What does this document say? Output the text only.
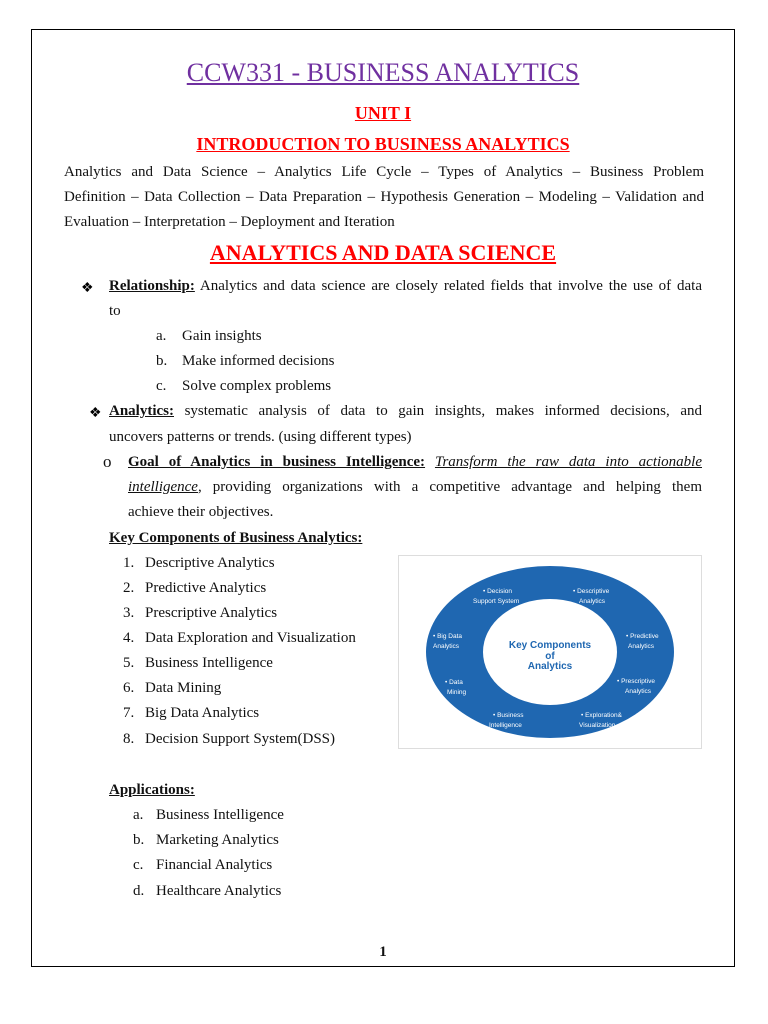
CCW331 - BUSINESS ANALYTICS
UNIT I
INTRODUCTION TO BUSINESS ANALYTICS
Analytics and Data Science – Analytics Life Cycle – Types of Analytics – Business Problem
Definition – Data Collection – Data Preparation – Hypothesis Generation – Modeling – Validation and
Evaluation – Interpretation – Deployment and Iteration
ANALYTICS AND DATA SCIENCE
❖ Relationship: Analytics and data science are closely related fields that involve the use of data
to
a. Gain insights
b. Make informed decisions
c. Solve complex problems
❖ Analytics: systematic analysis of data to gain insights, makes informed decisions, and
uncovers patterns or trends. (using different types)
o Goal of Analytics in business Intelligence: Transform the raw data into actionable
intelligence, providing organizations with a competitive advantage and helping them
achieve their objectives.
Key Components of Business Analytics:
1. Descriptive Analytics
2. Predictive Analytics
3. Prescriptive Analytics
4. Data Exploration and Visualization
5. Business Intelligence
6. Data Mining
7. Big Data Analytics
8. Decision Support System(DSS)
Key Components
of
Analytics
• Decision
Support System
• Descriptive
Analytics
• Big Data
Analytics
• Predictive
Analytics
• Data
Mining
• Prescriptive
Analytics
• Business
Intelligence
• Exploration&
Visualization
Applications:
a. Business Intelligence
b. Marketing Analytics
c. Financial Analytics
d. Healthcare Analytics
1
